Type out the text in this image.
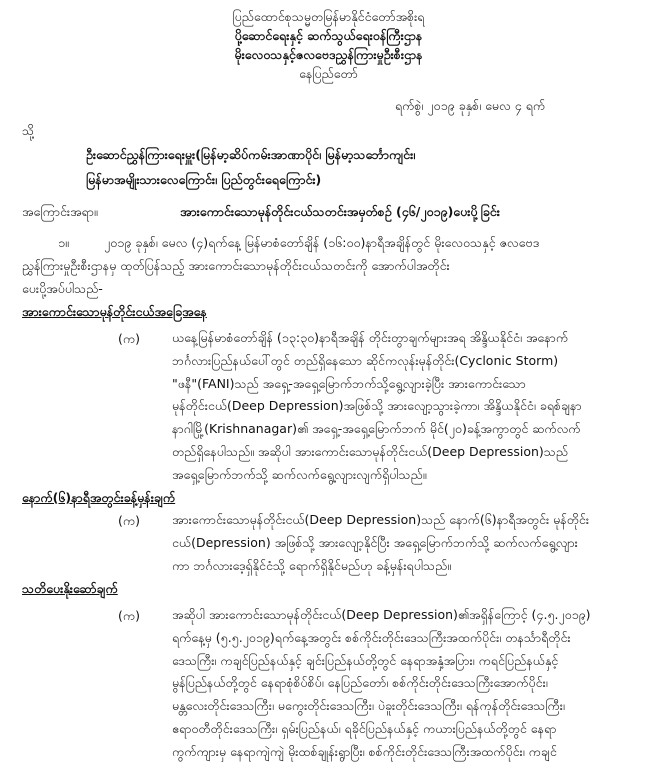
ပြည်ထောင်စုသမ္မတမြန်မာနိုင်ငံတော်အစိုးရ
ပို့ဆောင်ရေးနှင့် ဆက်သွယ်ရေးဝန်ကြီးဌာန
မိုးလေဝသနှင့်ဇလဗေဒညွှန်ကြားမှုဦးစီးဌာန
နေပြည်တော်
ရက်စွဲ၊ ၂၀၁၉ ခုနှစ်၊ မေလ ၄ ရက်
သို့
ဦးဆောင်ညွှန်ကြားရေးမှူး(မြန်မာ့ဆိပ်ကမ်းအာဏာပိုင်၊ မြန်မာ့သင်္ဘောကျင်း၊
မြန်မာအမျိုးသားလေကြောင်း၊ ပြည်တွင်းရေကြောင်း)
အကြောင်းအရာ။	အားကောင်းသောမုန်တိုင်းငယ်သတင်းအမှတ်စဉ် (၄၆/၂၀၁၉)ပေးပို့ခြင်း
၁။	၂၀၁၉ ခုနှစ်၊ မေလ (၄)ရက်နေ့ မြန်မာစံတော်ချိန် (၁၆:၀၀)နာရီအချိန်တွင် မိုးလေဝသနှင့် ဇလဗေဒ
ညွှန်ကြားမှုဦးစီးဌာနမှ ထုတ်ပြန်သည့် အားကောင်းသောမုန်တိုင်းငယ်သတင်းကို အောက်ပါအတိုင်း
ပေးပို့အပ်ပါသည်-
အားကောင်းသောမုန်တိုင်းငယ်အခြေအနေ
(က)	ယနေ့မြန်မာစံတော်ချိန် (၁၃:၃၀)နာရီအချိန် တိုင်းတွာချက်များအရ အိန္ဒိယနိုင်ငံ၊ အနောက်
ဘင်္ဂလားပြည်နယ်ပေါ်တွင် တည်ရှိနေသော ဆိုင်ကလုန်းမုန်တိုင်း(Cyclonic Storm)
"ဖနီ"(FANI)သည် အရှေ့-အရှေ့မြောက်ဘက်သို့ရွေ့လျားခဲ့ပြီး အားကောင်းသော
မုန်တိုင်းငယ်(Deep Depression)အဖြစ်သို့ အားလျော့သွားခဲ့ကာ၊ အိန္ဒိယနိုင်ငံ၊ ခရစ်ချနာ
နာဂါမြို့(Krishnanagar)၏ အရှေ့-အရှေ့မြောက်ဘက် မိုင်(၂၀)ခန့်အကွာတွင် ဆက်လက်
တည်ရှိနေပါသည်။ အဆိုပါ အားကောင်းသောမုန်တိုင်းငယ်(Deep Depression)သည်
အရှေ့မြောက်ဘက်သို့ ဆက်လက်ရွေ့လျားလျက်ရှိပါသည်။
နောက်(၆)နာရီအတွင်းခန့်မှန်းချက်
(က)	အားကောင်းသောမုန်တိုင်းငယ်(Deep Depression)သည် နောက်(၆)နာရီအတွင်း မုန်တိုင်း
ငယ်(Depression) အဖြစ်သို့ အားလျော့နိုင်ပြီး အရှေ့မြောက်ဘက်သို့ ဆက်လက်ရွေ့လျား
ကာ ဘင်္ဂလားဒေ့ရှ်နိုင်ငံသို့ ရောက်ရှိနိုင်မည်ဟု ခန့်မှန်းရပါသည်။
သတိပေးနိုးဆော်ချက်
(က)	အဆိုပါ အားကောင်းသောမုန်တိုင်းငယ်(Deep Depression)၏အရှိန်ကြောင့် (၄.၅.၂၀၁၉)
ရက်နေ့မှ (၅.၅.၂၀၁၉)ရက်နေ့အတွင်း စစ်ကိုင်းတိုင်းဒေသကြီးအထက်ပိုင်း၊ တနင်္သာရီတိုင်း
ဒေသကြီး၊ ကချင်ပြည်နယ်နှင့် ချင်းပြည်နယ်တို့တွင် နေရာအနှံ့အပြား၊ ကရင်ပြည်နယ်နှင့်
မွန်ပြည်နယ်တို့တွင် နေရာစုံစိပ်စိပ်၊ နေပြည်တော်၊ စစ်ကိုင်းတိုင်းဒေသကြီးအောက်ပိုင်း၊
မန္တလေးတိုင်းဒေသကြီး၊ မကွေးတိုင်းဒေသကြီး၊ ပဲခူးတိုင်းဒေသကြီး၊ ရန်ကုန်တိုင်းဒေသကြီး၊
ဧရာဝတီတိုင်းဒေသကြီး၊ ရှမ်းပြည်နယ်၊ ရခိုင်ပြည်နယ်နှင့် ကယားပြည်နယ်တို့တွင် နေရာ
ကွက်ကျားမှ နေရာကျဲကျဲ မိုးထစ်ချုန်းရွာပြီး၊ စစ်ကိုင်းတိုင်းဒေသကြီးအထက်ပိုင်း၊ ကချင်
